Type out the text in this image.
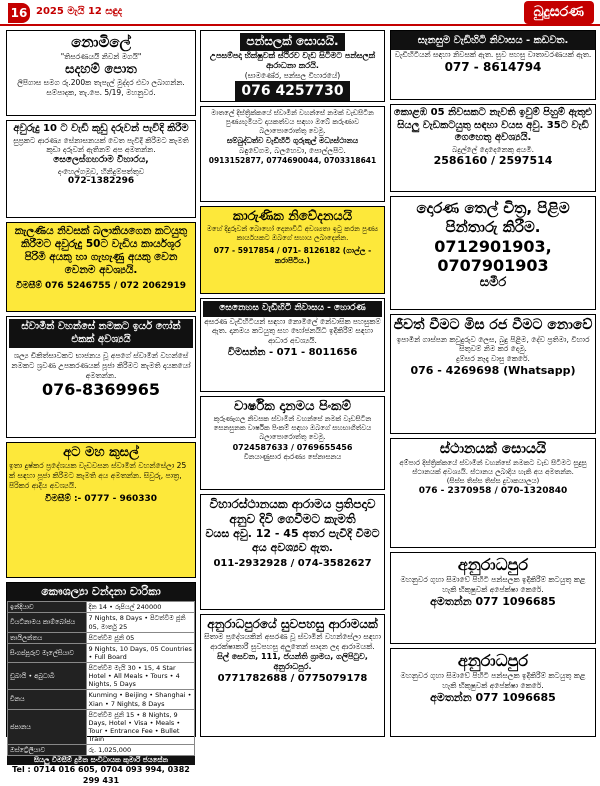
16 2025 මැයි 12 සඳුද	බුදුසරණ
නොමිලේ
"තිසරණයයි නිවන් මගයි"
සදහම් පොත
ලිපිගාස සමග රු.200ක තැපැල් මුද්දර එවා ලබාගන්න. සම්පාදක, තැ.පෙ. 5/19, මහනුවර.
අවුරුදු 10 ට වැඩි කුඩු දරුවන් පැවිදි කිරීම
සුප්‍රකට ආරණ්‍ය සේනාසනයක් වෙත පැවිදි කිරීමට කැමති කුඩා දරුවන් ඇතිනම් අප අමතන්න.
සෙලෙස්ගහරාම විහාරය,
දංහෙල්ගමුව, හිනිදුම්පත්තුව
072-1382296
කැලණිය නිවසක් බලාකියගෙන කටයුතු කිරීමට අවුරුදු 50ට වැඩිය කාර්යශූර පිරිමි අයකු හා ගැහැණු අයකු වෙන වෙනම අවශ්‍යයි.
විමසීම් 076 5246755 / 072 2062919
ස්වාමීන් වහන්සේ නමකට ඉයර් ෆෝන් එකක් අවශ්‍යයි
ශල්‍ය චිකිත්සාවකට භාජනය වූ අපගේ ස්වාමීන් වහන්සේ නමකට ශ්‍රවණ උපකරණයක් පූජා කිරීමට කැමති දායකයෝ අමතන්න.
076-8369965
අට මහ කුසල්
ඉතා දුෂ්කර ප්‍රදේශයක වැඩවසන ස්වාමීන් වහන්සේලා 25 ක් සඳහා පූජා කිරීමට කැමති අය අමතන්න. සිවුරු, පාත්‍ර, පිරිකර ආදිය අවශ්‍යයි.
විමසීම් :- 0777 - 960330
කෞශල්‍යා වන්දනා චාරිකා
ඉන්දියාව	දින 14 • රුපියල් 240000
වියට්නාමය කාම්බෝජය	7 Nights, 8 Days • පිටත්වීම ජූනි 05, මාර්තු 25
තායිලන්තය	පිටත්වීම ජූනි 05
සිංගප්පූරුව මැලේසියාව	9 Nights, 10 Days, 05 Countries • Full Board
ඩුබායි • අබුධාබි	පිටත්වීම මැයි 30 • 15, 4 Star Hotel • All Meals • Tours • 4 Nights, 5 Days
චීනය	Kunming • Beijing • Shanghai • Xian • 7 Nights, 8 Days
ජපානය	පිටත්වීම ජූනි 15 • 8 Nights, 9 Days, Hotel • Visa • Meals • Tour • Entrance Fee • Bullet Train
ඔස්ට්‍රේලියාව	රු. 1,025,000
සියලු විමසීම් දුමින සංවිධායක කුමාරි ජයසේන
Tel : 0714 016 605, 0704 093 994, 0382 299 431
පන්සලක් සොයයි.
උපසම්පදා භික්ෂුවක් ස්ථිරව වැඩ සිටීමට පන්සලක් ආරාධනා කරයි.
(සාමණේර, පන්සල විහාරයේ)
076 4257730
මාතලේ දිස්ත්‍රික්කයේ ස්වාමීන් වහන්සේ නමක් වැඩසිටින පුණ්‍යභූමියට දායකත්වය සඳහා ඔබේ කරුණාව බලාපොරොත්තු වෙමු.
සම්බුද්ධත්ව වැඩිහිටි ගුරුකුල් මධ්‍යස්ථානය
බඳුවේගම, බලහෙවා, පොල්ලපිට.
0913152877, 0774690044, 0703318641
කාරුණික නිවේදනයයි
මහේ දිදුරුවන් බොහෝ දෙනාවිධි අවශ්‍යතා ඉටු කරන පුණ්‍ය කාර්යයකට ඔබගේ සහාය ලබාදෙන්න.
077 - 5917854 / 071- 8126182 (ගාල්ල - කරාපිටිය.)
සෙනෙහස වැඩිහිටි නිවාසය - හොරණ
අසරණ වැඩිහිටියන් සඳහා නොමිලේ නේවාසික පහසුකම් ඇත. දානමය කටයුතු සහ භෝජනයිධි ඉදිකිරීම් සඳහා ආධාර අවශ්‍යයි.
විමසන්න - 071 - 8011656
වාර්ෂික දානමය පිංකම්
කුරුණෑගල නිවසක ස්වාමීන් වහන්සේ නමක් වැඩසිටින සෙනසුනක වාර්ෂික පිංකම් සඳහා ඔබගේ සහභාගීත්වය බලාපොරොත්තු වෙමු.
0724587633 / 0769655456
විනයාණුසාර ආරණ්‍ය සේනාසනය
විහාරස්ථානයක ආරාමය ප්‍රතිපදාව අනුව දිවි ගෙවීමට කැමති
වයස අවු. 12 - 45 අතර පැවිදි වීමට අය අවශ්‍යව ඇත.
011-2932928 / 074-3582627
අනුරාධපුරයේ සුවපහසු ආරාමයක්
සිතාම ප්‍රදේශයකින් අසරණ වූ ස්වාමීන් වහන්සේලා සඳහා ආරක්ෂාකාරී සුවපහසු අලුතෙන් සාදන ලද ආරාමයක්.
සිල් සෙවන, 111, ජයන්ති ග්‍රාමය, ගලිපිටුව, අනුරාධපුර.
0771782688 / 0775079178
සැනසුම වැඩිහිටි නිවාසය - කඩවත.
වැඩිහිටියන් සඳහා නිවසක් ඇත. සුව පහසු වාතාවරණයක් ඇත.
077 - 8614794
කොළඹ 05 නිවසකට නැවති ඉවුම් පිහුම් ඇතුළු සියලු වැඩකටයුතු සඳහා වයස අවු. 35ට වැඩි ගෙහෙතු අවශ්‍යයි.
බදුල්ලේ දෙදෙනෙකු අයමි.
2586160 / 2597514
දොරණ තෙල් චිත්‍ර, පිළිම පින්තාරු කිරීම.
0712901903, 0707901903
සමීර
ජීවත් වීමට මිස රජ වීමට නොවේ
ඉපාමින් ගාස්පන කවුදුරුව ලෙස, බුදු පිළිම, දේව ප්‍රතිමා, විහාර සිතුවම් නිම කර දෙමු.
දුම්සර නෑදෑ වාසු කෙරේ.
076 - 4269698 (Whatsapp)
ස්ථානයක් සොයයි
අම්පාර දිස්ත්‍රික්කයේ ස්වාමීන් වහන්සේ නමකට වැඩ සිටීමට සුදුසු ස්ථානයක් අවශ්‍යයි. ස්ථානය ලබාදිය හැකි අය අමතන්න.
(සිස්ස තිස්ස තිස්ස දුවාකයාලය)
076 - 2370958 / 070-1320840
අනුරාධපුර
මහනුවර ගුහා සිමාවේ පිහිටි පන්සලක ඉදිකිරීම් කටයුතු කළ හැකි භිකුෂුවක් අපේක්ෂා කෙරේ.
අමතන්න 077 1096685
අනුරාධපුර
මහනුවර ගුහා සිමාවේ පිහිටි පන්සලක ඉදිකිරීම් කටයුතු කළ හැකි භිකුෂුවක් අපේක්ෂා කෙරේ.
අමතන්න 077 1096685
